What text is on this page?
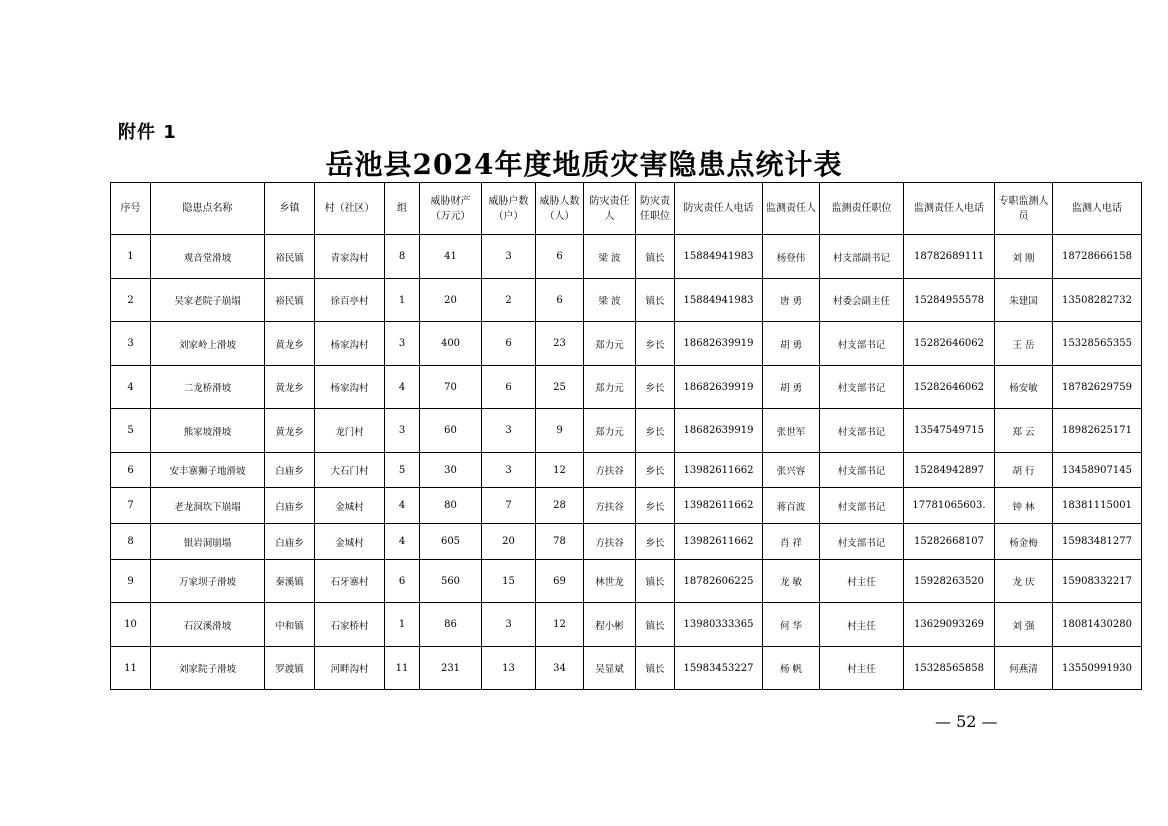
附件 1
岳池县2024年度地质灾害隐患点统计表
序号	隐患点名称	乡镇	村（社区）	组	威胁财产（万元）	威胁户数（户）	威胁人数（人）	防灾责任人	防灾责任职位	防灾责任人电话	监测责任人	监测责任职位	监测责任人电话	专职监测人员	监测人电话
1	观音堂滑坡	裕民镇	青家沟村	8	41	3	6	梁 波	镇长	15884941983	杨登伟	村支部副书记	18782689111	刘 刚	18728666158
2	吴家老院子崩塌	裕民镇	徐百亭村	1	20	2	6	梁 波	镇长	15884941983	唐 勇	村委会副主任	15284955578	朱建国	13508282732
3	刘家岭上滑坡	黄龙乡	杨家沟村	3	400	6	23	郑力元	乡长	18682639919	胡 勇	村支部书记	15282646062	王 岳	15328565355
4	二龙桥滑坡	黄龙乡	杨家沟村	4	70	6	25	郑力元	乡长	18682639919	胡 勇	村支部书记	15282646062	杨安敏	18782629759
5	熊家坡滑坡	黄龙乡	龙门村	3	60	3	9	郑力元	乡长	18682639919	张世军	村支部书记	13547549715	郑 云	18982625171
6	安丰寨狮子地滑坡	白庙乡	大石门村	5	30	3	12	方扶谷	乡长	13982611662	张兴容	村支部书记	15284942897	胡 行	13458907145
7	老龙洞坎下崩塌	白庙乡	金城村	4	80	7	28	方扶谷	乡长	13982611662	蒋百波	村支部书记	17781065603.	钟 林	18381115001
8	银岩洞崩塌	白庙乡	金城村	4	605	20	78	方扶谷	乡长	13982611662	肖 祥	村支部书记	15282668107	杨金梅	15983481277
9	万家坝子滑坡	秦溪镇	石牙寨村	6	560	15	69	林世龙	镇长	18782606225	龙 敏	村主任	15928263520	龙 庆	15908332217
10	石汉溪滑坡	中和镇	石家桥村	1	86	3	12	程小彬	镇长	13980333365	何 华	村主任	13629093269	刘 强	18081430280
11	刘家院子滑坡	罗渡镇	河畔沟村	11	231	13	34	吴显斌	镇长	15983453227	杨 帆	村主任	15328565858	何燕清	13550991930
— 52 —
